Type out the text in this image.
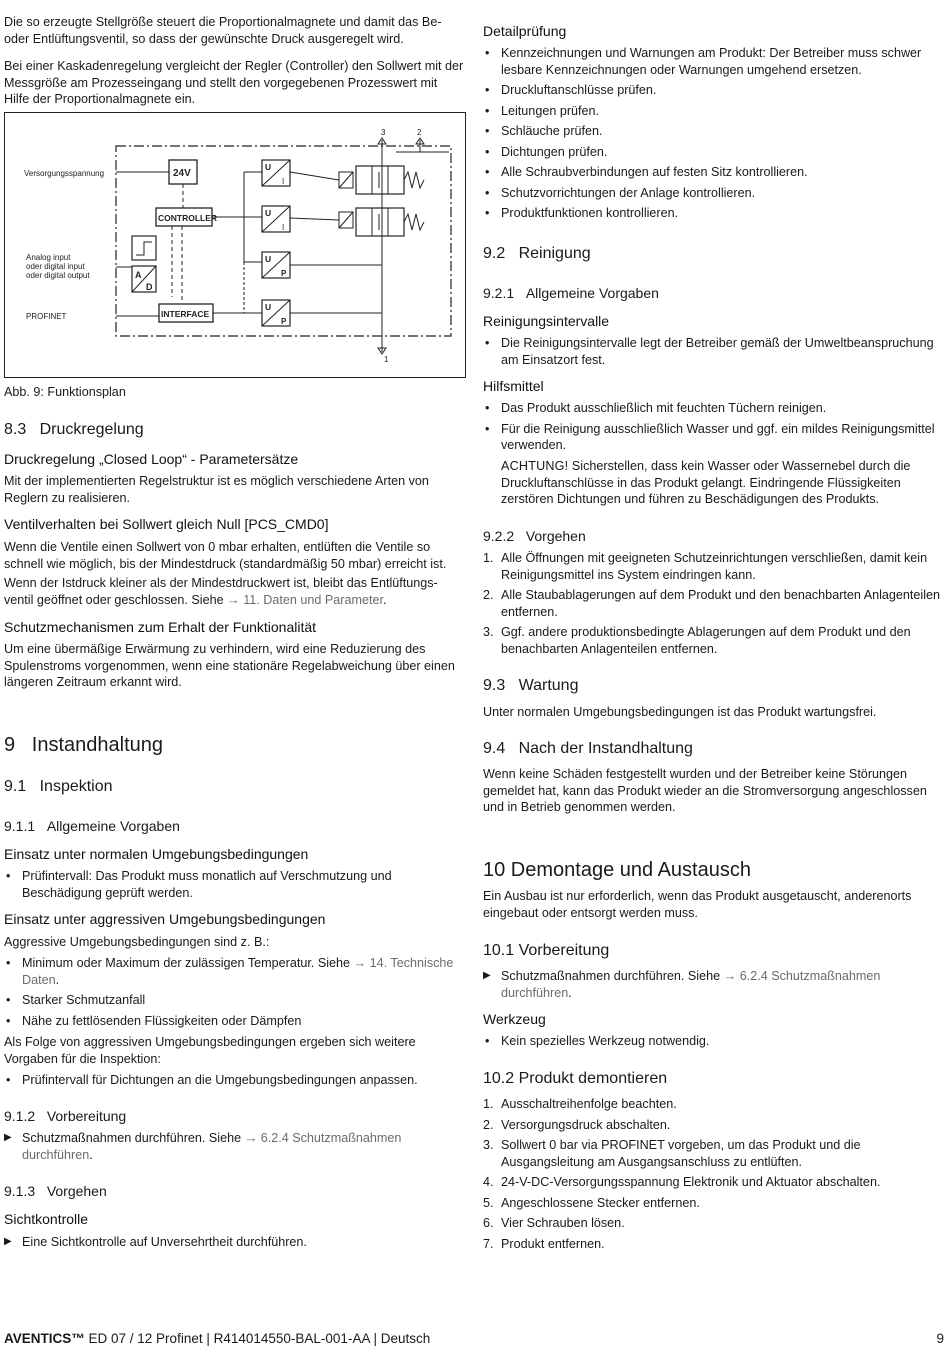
Die so erzeugte Stellgröße steuert die Proportionalmagnete und damit das Be- oder Entlüftungsventil, so dass der gewünschte Druck ausgeregelt wird.

Bei einer Kaskadenregelung vergleicht der Regler (Controller) den Sollwert mit der Messgröße am Prozesseingang und stellt den vorgegebenen Prozesswert mit Hilfe der Proportionalmagnete ein.

Versorgungsspannung
Analog input
oder digital input
oder digital output
PROFINET
24V
CONTROLLER
A
D
INTERFACE
U
I
U
I
U
P
U
P
3	2
1

Abb. 9: Funktionsplan

8.3 Druckregelung
Druckregelung „Closed Loop“ - Parametersätze

Mit der implementierten Regelstruktur ist es möglich verschiedene Arten von Reglern zu realisieren.

Ventilverhalten bei Sollwert gleich Null [PCS_CMD0]

Wenn die Ventile einen Sollwert von 0 mbar erhalten, entlüften die Ventile so schnell wie möglich, bis der Mindestdruck (standardmäßig 50 mbar) erreicht ist.

Wenn der Istdruck kleiner als der Mindestdruckwert ist, bleibt das Entlüftungs-ventil geöffnet oder geschlossen. Siehe → 11. Daten und Parameter.

Schutzmechanismen zum Erhalt der Funktionalität

Um eine übermäßige Erwärmung zu verhindern, wird eine Reduzierung des Spulenstroms vorgenommen, wenn eine stationäre Regelabweichung über einen längeren Zeitraum erkannt wird.

9 Instandhaltung
9.1 Inspektion
9.1.1 Allgemeine Vorgaben
Einsatz unter normalen Umgebungsbedingungen
• Prüfintervall: Das Produkt muss monatlich auf Verschmutzung und Beschädigung geprüft werden.
Einsatz unter aggressiven Umgebungsbedingungen

Aggressive Umgebungsbedingungen sind z. B.:

• Minimum oder Maximum der zulässigen Temperatur. Siehe → 14. Technische Daten.
• Starker Schmutzanfall
• Nähe zu fettlösenden Flüssigkeiten oder Dämpfen

Als Folge von aggressiven Umgebungsbedingungen ergeben sich weitere Vorgaben für die Inspektion:

• Prüfintervall für Dichtungen an die Umgebungsbedingungen anpassen.
9.1.2 Vorbereitung

▶ Schutzmaßnahmen durchführen. Siehe → 6.2.4 Schutzmaßnahmen durchführen.

9.1.3 Vorgehen
Sichtkontrolle

▶ Eine Sichtkontrolle auf Unversehrtheit durchführen.

Detailprüfung
• Kennzeichnungen und Warnungen am Produkt: Der Betreiber muss schwer lesbare Kennzeichnungen oder Warnungen umgehend ersetzen.
• Druckluftanschlüsse prüfen.
• Leitungen prüfen.
• Schläuche prüfen.
• Dichtungen prüfen.
• Alle Schraubverbindungen auf festen Sitz kontrollieren.
• Schutzvorrichtungen der Anlage kontrollieren.
• Produktfunktionen kontrollieren.
9.2 Reinigung
9.2.1 Allgemeine Vorgaben
Reinigungsintervalle
• Die Reinigungsintervalle legt der Betreiber gemäß der Umweltbeanspruchung am Einsatzort fest.
Hilfsmittel
• Das Produkt ausschließlich mit feuchten Tüchern reinigen.
• Für die Reinigung ausschließlich Wasser und ggf. ein mildes Reinigungsmittel verwenden.

ACHTUNG! Sicherstellen, dass kein Wasser oder Wassernebel durch die Druckluftanschlüsse in das Produkt gelangt. Eindringende Flüssigkeiten zerstören Dichtungen und führen zu Beschädigungen des Produkts.

9.2.2 Vorgehen
1. Alle Öffnungen mit geeigneten Schutzeinrichtungen verschließen, damit kein Reinigungsmittel ins System eindringen kann.
2. Alle Staubablagerungen auf dem Produkt und den benachbarten Anlagenteilen entfernen.
3. Ggf. andere produktionsbedingte Ablagerungen auf dem Produkt und den benachbarten Anlagenteilen entfernen.
9.3 Wartung

Unter normalen Umgebungsbedingungen ist das Produkt wartungsfrei.

9.4 Nach der Instandhaltung

Wenn keine Schäden festgestellt wurden und der Betreiber keine Störungen gemeldet hat, kann das Produkt wieder an die Stromversorgung angeschlossen und in Betrieb genommen werden.

10 Demontage und Austausch

Ein Ausbau ist nur erforderlich, wenn das Produkt ausgetauscht, anderenorts eingebaut oder entsorgt werden muss.

10.1 Vorbereitung

▶ Schutzmaßnahmen durchführen. Siehe → 6.2.4 Schutzmaßnahmen durchführen.

Werkzeug
• Kein spezielles Werkzeug notwendig.
10.2 Produkt demontieren
1. Ausschaltreihenfolge beachten.
2. Versorgungsdruck abschalten.
3. Sollwert 0 bar via PROFINET vorgeben, um das Produkt und die Ausgangsleitung am Ausgangsanschluss zu entlüften.
4. 24-V-DC-Versorgungsspannung Elektronik und Aktuator abschalten.
5. Angeschlossene Stecker entfernen.
6. Vier Schrauben lösen.
7. Produkt entfernen.
AVENTICS™ ED 07 / 12 Profinet | R414014550-BAL-001-AA | Deutsch	9
